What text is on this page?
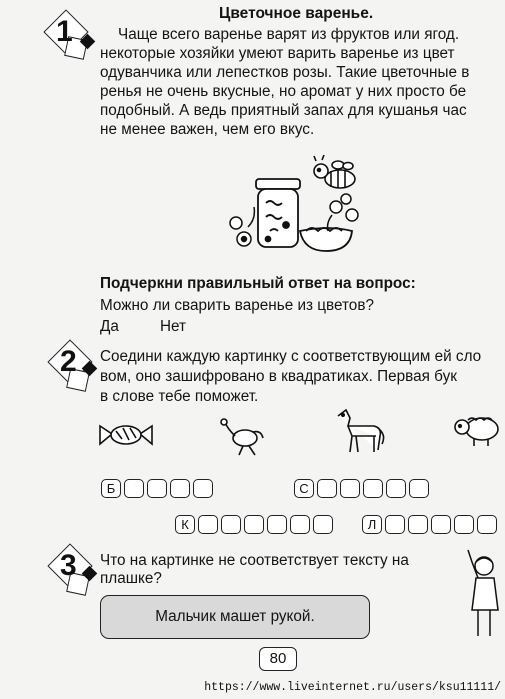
1
Цветочное варенье.
Чаще всего варенье варят из фруктов или ягод.
некоторые хозяйки умеют варить варенье из цвет
одуванчика или лепестков розы. Такие цветочные в
ренья не очень вкусные, но аромат у них просто бе
подобный. А ведь приятный запах для кушанья час
не менее важен, чем его вкус.
Подчеркни правильный ответ на вопрос:
Можно ли сварить варенье из цветов?
Да	Нет
2 Соедини каждую картинку с соответствующим ей сло
вом, оно зашифровано в квадратиках. Первая бук
в слове тебе поможет.
Б	С
К	Л
3 Что на картинке не соответствует тексту на
плашке?
Мальчик машет рукой.
80
https://www.liveinternet.ru/users/ksu11111/
